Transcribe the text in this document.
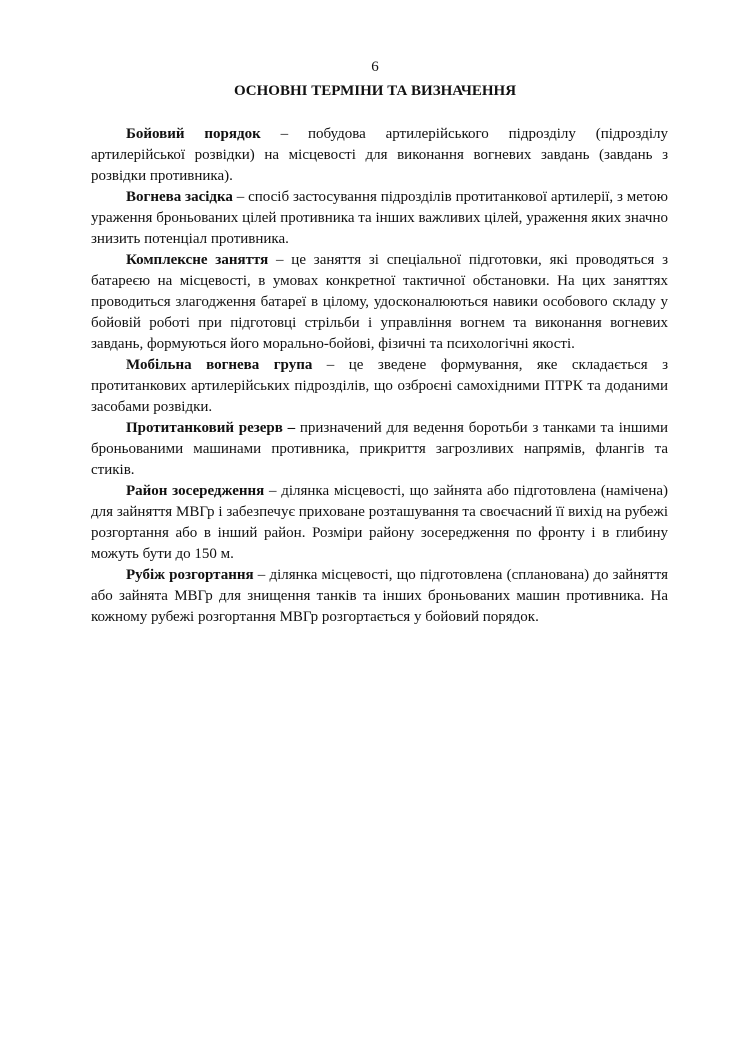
6
ОСНОВНІ ТЕРМІНИ ТА ВИЗНАЧЕННЯ

Бойовий порядок – побудова артилерійського підрозділу (підрозділу артилерійської розвідки) на місцевості для виконання вогневих завдань (завдань з розвідки противника).

Вогнева засідка – спосіб застосування підрозділів протитанкової артилерії, з метою ураження броньованих цілей противника та інших важливих цілей, ураження яких значно знизить потенціал противника.

Комплексне заняття – це заняття зі спеціальної підготовки, які проводяться з батареєю на місцевості, в умовах конкретної тактичної обстановки. На цих заняттях проводиться злагодження батареї в цілому, удосконалюються навики особового складу у бойовій роботі при підготовці стрільби і управління вогнем та виконання вогневих завдань, формуються його морально-бойові, фізичні та психологічні якості.

Мобільна вогнева група – це зведене формування, яке складається з протитанкових артилерійських підрозділів, що озброєні самохідними ПТРК та доданими засобами розвідки.

Протитанковий резерв – призначений для ведення боротьби з танками та іншими броньованими машинами противника, прикриття загрозливих напрямів, флангів та стиків.

Район зосередження – ділянка місцевості, що зайнята або підготовлена (намічена) для зайняття МВГр і забезпечує приховане розташування та своєчасний її вихід на рубежі розгортання або в інший район. Розміри району зосередження по фронту і в глибину можуть бути до 150 м.

Рубіж розгортання – ділянка місцевості, що підготовлена (спланована) до зайняття або зайнята МВГр для знищення танків та інших броньованих машин противника. На кожному рубежі розгортання МВГр розгортається у бойовий порядок.
